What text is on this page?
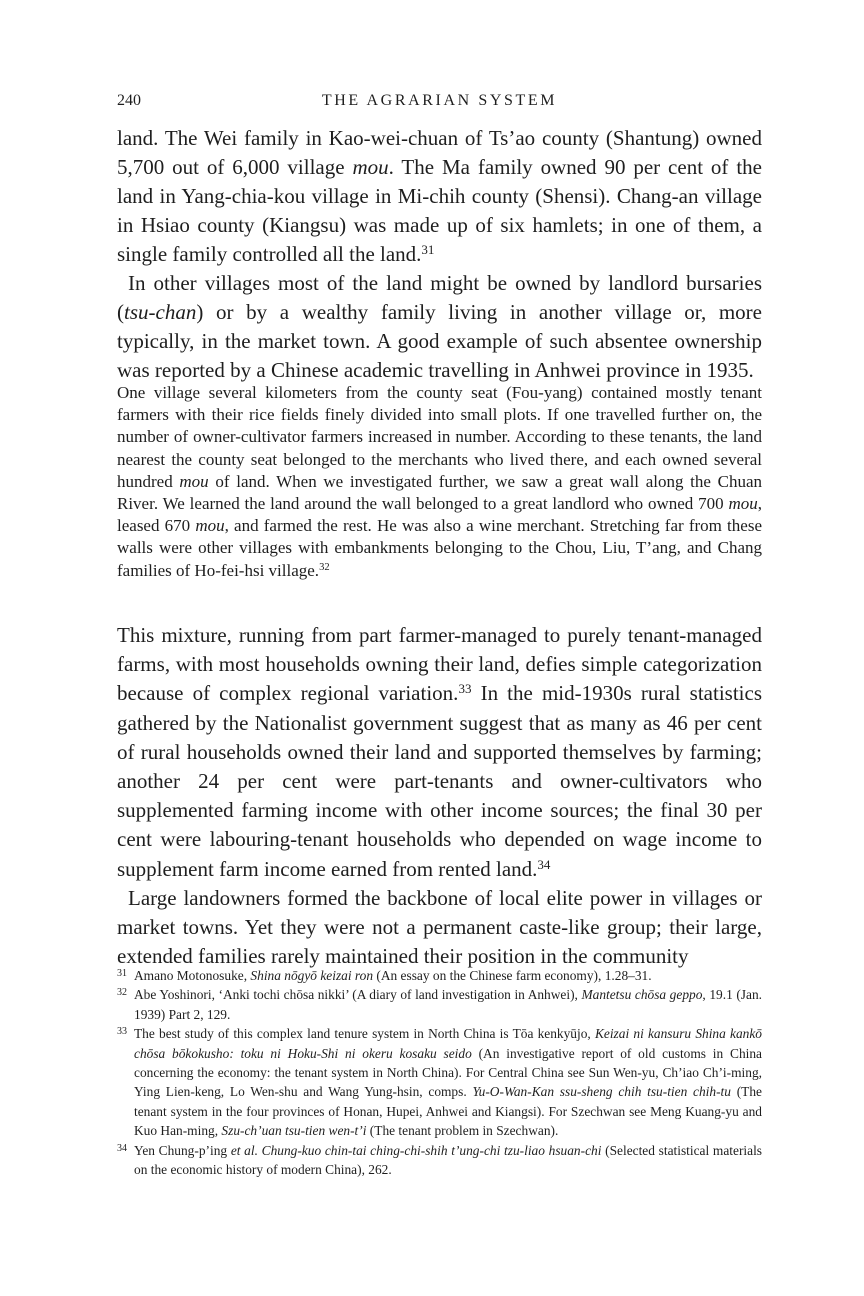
240	THE AGRARIAN SYSTEM

land. The Wei family in Kao-wei-chuan of Ts’ao county (Shantung) owned 5,700 out of 6,000 village mou. The Ma family owned 90 per cent of the land in Yang-chia-kou village in Mi-chih county (Shensi). Chang-an village in Hsiao county (Kiangsu) was made up of six hamlets; in one of them, a single family controlled all the land.$^{31}$

In other villages most of the land might be owned by landlord bursaries (tsu-chan) or by a wealthy family living in another village or, more typically, in the market town. A good example of such absentee ownership was reported by a Chinese academic travelling in Anhwei province in 1935.

One village several kilometers from the county seat (Fou-yang) contained mostly tenant farmers with their rice fields finely divided into small plots. If one travelled further on, the number of owner-cultivator farmers increased in number. According to these tenants, the land nearest the county seat belonged to the merchants who lived there, and each owned several hundred mou of land. When we investigated further, we saw a great wall along the Chuan River. We learned the land around the wall belonged to a great landlord who owned 700 mou, leased 670 mou, and farmed the rest. He was also a wine merchant. Stretching far from these walls were other villages with embankments belonging to the Chou, Liu, T’ang, and Chang families of Ho-fei-hsi village.$^{32}$

This mixture, running from part farmer-managed to purely tenant-managed farms, with most households owning their land, defies simple categorization because of complex regional variation.$^{33}$ In the mid-1930s rural statistics gathered by the Nationalist government suggest that as many as 46 per cent of rural households owned their land and supported themselves by farming; another 24 per cent were part-tenants and owner-cultivators who supplemented farming income with other income sources; the final 30 per cent were labouring-tenant households who depended on wage income to supplement farm income earned from rented land.$^{34}$

Large landowners formed the backbone of local elite power in villages or market towns. Yet they were not a permanent caste-like group; their large, extended families rarely maintained their position in the community

31 Amano Motonosuke, Shina nōgyō keizai ron (An essay on the Chinese farm economy), 1.28–31.
32 Abe Yoshinori, ‘Anki tochi chōsa nikki’ (A diary of land investigation in Anhwei), Mantetsu chōsa geppo, 19.1 (Jan. 1939) Part 2, 129.
33 The best study of this complex land tenure system in North China is Tōa kenkyūjo, Keizai ni kansuru Shina kankō chōsa bōkokusho: toku ni Hoku-Shi ni okeru kosaku seido (An investigative report of old customs in China concerning the economy: the tenant system in North China). For Central China see Sun Wen-yu, Ch’iao Ch’i-ming, Ying Lien-keng, Lo Wen-shu and Wang Yung-hsin, comps. Yu-O-Wan-Kan ssu-sheng chih tsu-tien chih-tu (The tenant system in the four provinces of Honan, Hupei, Anhwei and Kiangsi). For Szechwan see Meng Kuang-yu and Kuo Han-ming, Szu-ch’uan tsu-tien wen-t’i (The tenant problem in Szechwan).
34 Yen Chung-p’ing et al. Chung-kuo chin-tai ching-chi-shih t’ung-chi tzu-liao hsuan-chi (Selected statistical materials on the economic history of modern China), 262.
